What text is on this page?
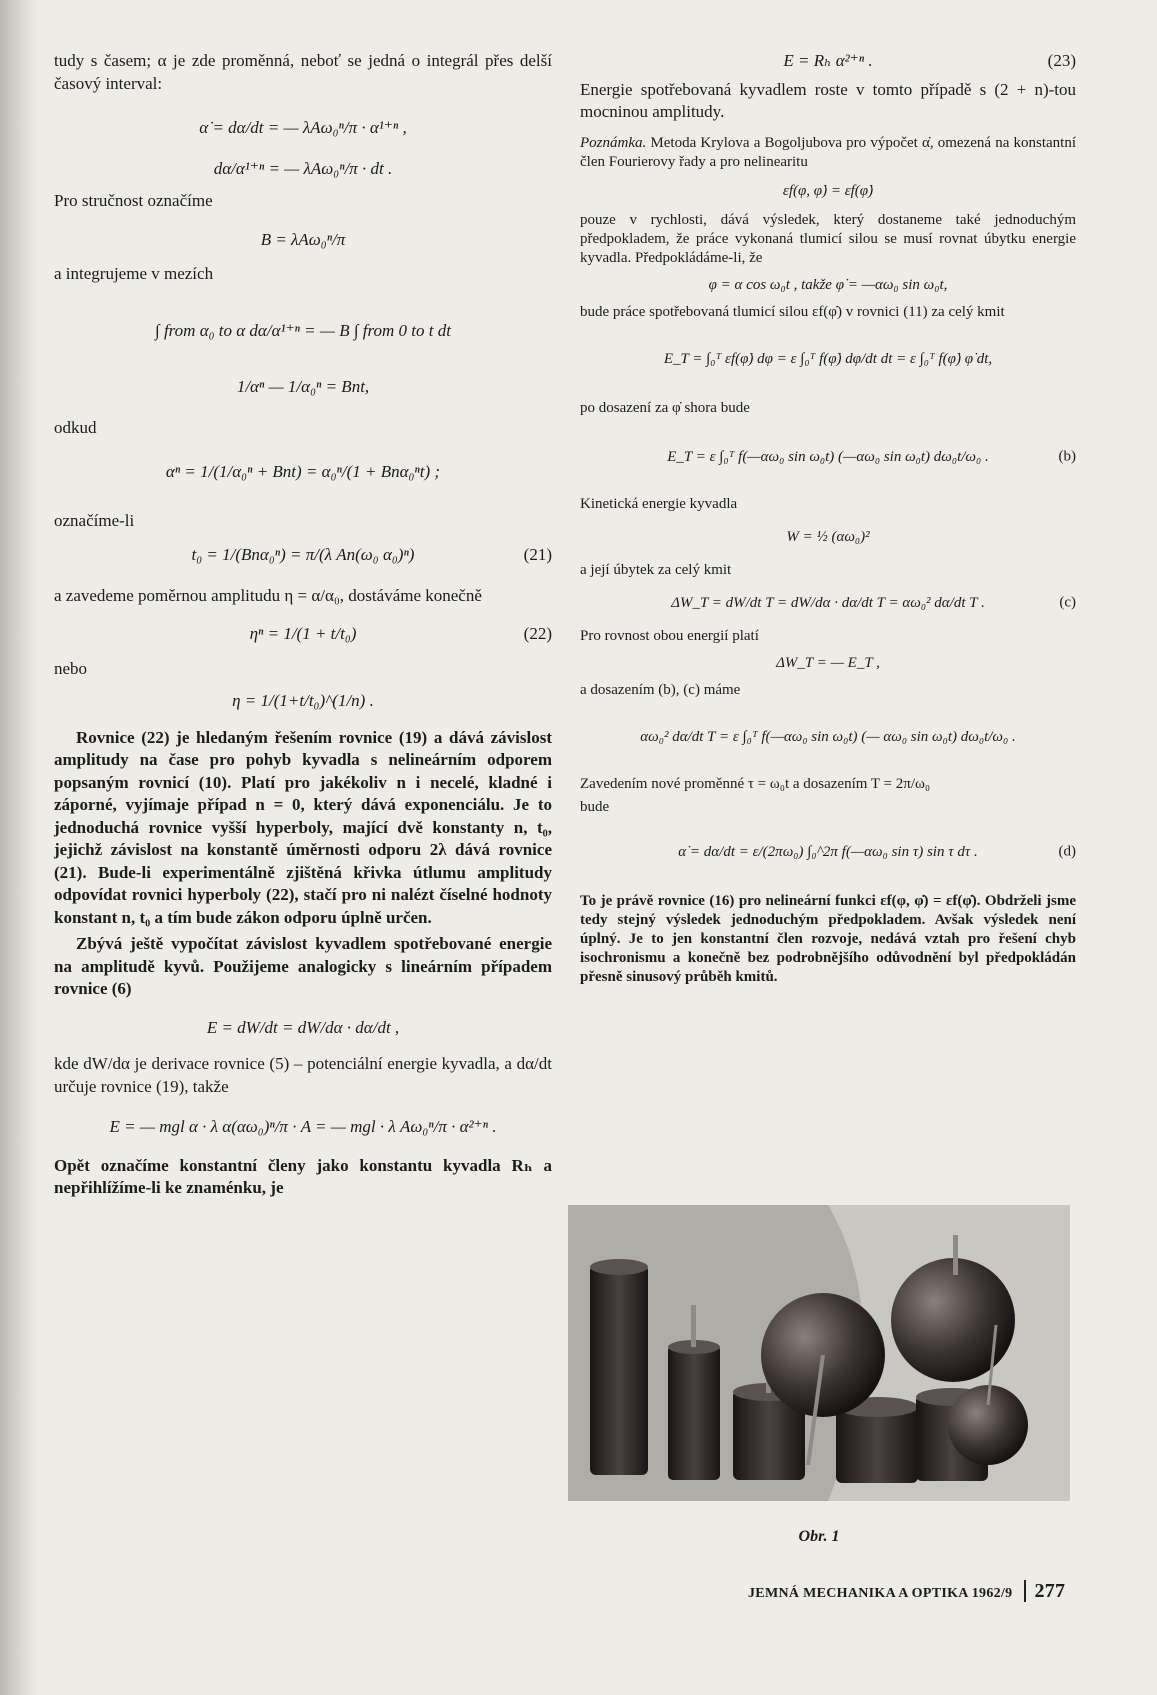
tudy s časem; α je zde proměnná, neboť se jedná o integrál přes delší časový interval:

α̇ = dα/dt = — λAω₀ⁿ/π · α¹⁺ⁿ ,
dα/α¹⁺ⁿ = — λAω₀ⁿ/π · dt .

Pro stručnost označíme

B = λAω₀ⁿ/π

a integrujeme v mezích

∫ from α₀ to α dα/α¹⁺ⁿ = — B ∫ from 0 to t dt
1/αⁿ — 1/α₀ⁿ = Bnt,

odkud

αⁿ = 1/(1/α₀ⁿ + Bnt) = α₀ⁿ/(1 + Bnα₀ⁿt) ;

označíme-li

t₀ = 1/(Bnα₀ⁿ) = π/(λ An(ω₀ α₀)ⁿ)	(21)

a zavedeme poměrnou amplitudu η = α/α₀, dostáváme konečně

ηⁿ = 1/(1 + t/t₀)	(22)

nebo

η = 1/(1+t/t₀)^(1/n) .

Rovnice (22) je hledaným řešením rovnice (19) a dává závislost amplitudy na čase pro pohyb kyvadla s nelineárním odporem popsaným rovnicí (10). Platí pro jakékoliv n i necelé, kladné i záporné, vyjímaje případ n = 0, který dává exponenciálu. Je to jednoduchá rovnice vyšší hyperboly, mající dvě konstanty n, t₀, jejichž závislost na konstantě úměrnosti odporu 2λ dává rovnice (21). Bude-li experimentálně zjištěná křivka útlumu amplitudy odpovídat rovnici hyperboly (22), stačí pro ni nalézt číselné hodnoty konstant n, t₀ a tím bude zákon odporu úplně určen.

Zbývá ještě vypočítat závislost kyvadlem spotřebované energie na amplitudě kyvů. Použijeme analogicky s lineárním případem rovnice (6)

E = dW/dt = dW/dα · dα/dt ,

kde dW/dα je derivace rovnice (5) – potenciální energie kyvadla, a dα/dt určuje rovnice (19), takže

E = — mgl α · λ α(αω₀)ⁿ/π · A = — mgl · λ Aω₀ⁿ/π · α²⁺ⁿ .

Opět označíme konstantní členy jako konstantu kyvadla Rₕ a nepřihlížíme-li ke znaménku, je

E = Rₕ α²⁺ⁿ .	(23)

Energie spotřebovaná kyvadlem roste v tomto případě s (2 + n)-tou mocninou amplitudy.

Poznámka. Metoda Krylova a Bogoljubova pro výpočet α̇, omezená na konstantní člen Fourierovy řady a pro nelinearitu

εf(φ, φ̇) = εf(φ̇)

pouze v rychlosti, dává výsledek, který dostaneme také jednoduchým předpokladem, že práce vykonaná tlumicí silou se musí rovnat úbytku energie kyvadla. Předpokládáme-li, že

φ = α cos ω₀t , takže φ̇ = —αω₀ sin ω₀t,

bude práce spotřebovaná tlumicí silou εf(φ̇) v rovnici (11) za celý kmit

E_T = ∫₀ᵀ εf(φ̇) dφ = ε ∫₀ᵀ f(φ̇) dφ/dt dt = ε ∫₀ᵀ f(φ̇) φ̇ dt,

po dosazení za φ̇ shora bude

E_T = ε ∫₀ᵀ f(—αω₀ sin ω₀t) (—αω₀ sin ω₀t) dω₀t/ω₀ .	(b)

Kinetická energie kyvadla

W = ½ (αω₀)²

a její úbytek za celý kmit

ΔW_T = dW/dt T = dW/dα · dα/dt T = αω₀² dα/dt T .	(c)

Pro rovnost obou energií platí

ΔW_T = — E_T ,

a dosazením (b), (c) máme

αω₀² dα/dt T = ε ∫₀ᵀ f(—αω₀ sin ω₀t) (— αω₀ sin ω₀t) dω₀t/ω₀ .

Zavedením nové proměnné τ = ω₀t a dosazením T = 2π/ω₀

bude

α̇ = dα/dt = ε/(2πω₀) ∫₀^2π f(—αω₀ sin τ) sin τ dτ .	(d)

To je právě rovnice (16) pro nelineární funkci εf(φ, φ̇) = εf(φ̇). Obdrželi jsme tedy stejný výsledek jednoduchým předpokladem. Avšak výsledek není úplný. Je to jen konstantní člen rozvoje, nedává vztah pro řešení chyb isochronismu a konečně bez podrobnějšího odůvodnění byl předpokládán přesně sinusový průběh kmitů.

Obr. 1
JEMNÁ MECHANIKA A OPTIKA 1962/9 277
